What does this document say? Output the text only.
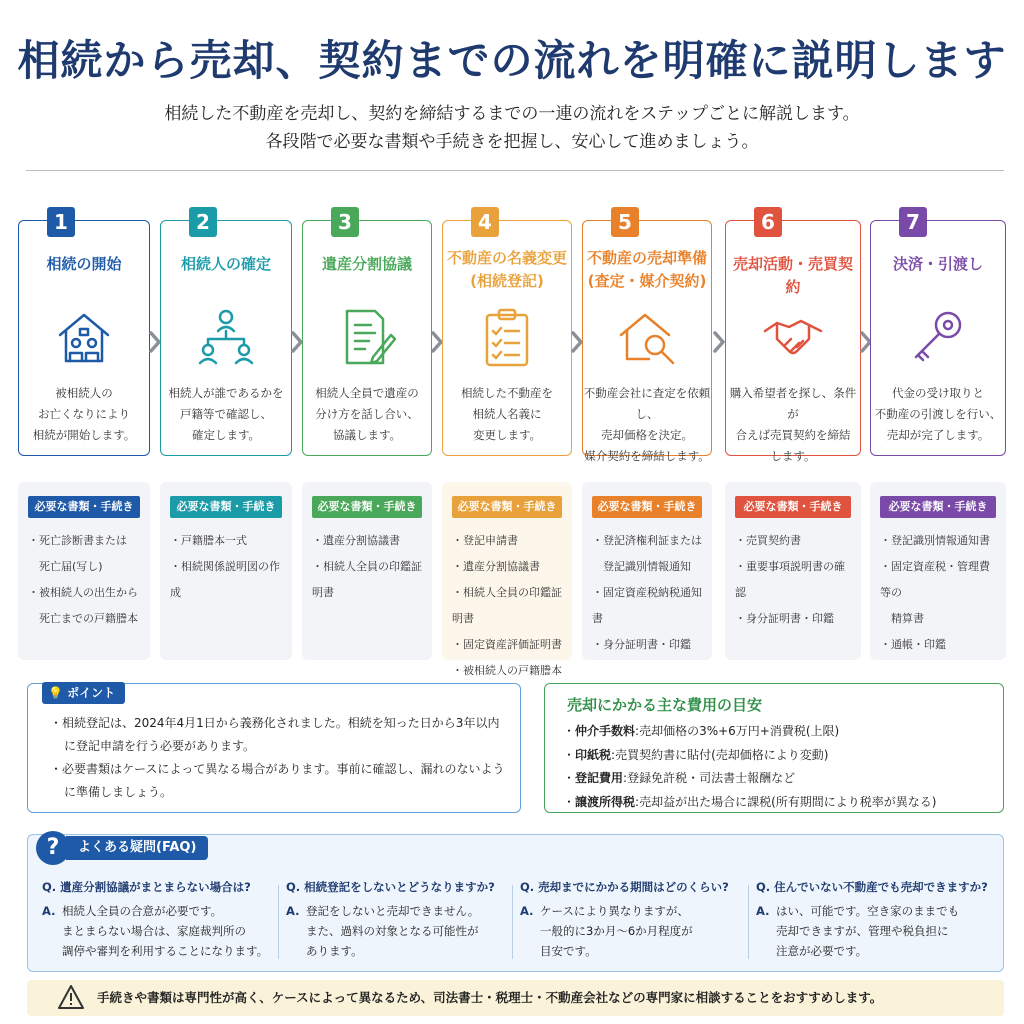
相続から売却、契約までの流れを明確に説明します
相続した不動産を売却し、契約を締結するまでの一連の流れをステップごとに解説します。
各段階で必要な書類や手続きを把握し、安心して進めましょう。
1
相続の開始
被相続人の
お亡くなりにより
相続が開始します。
2
相続人の確定
相続人が誰であるかを
戸籍等で確認し、
確定します。
3
遺産分割協議
相続人全員で遺産の
分け方を話し合い、
協議します。
4
不動産の名義変更
(相続登記)
相続した不動産を
相続人名義に
変更します。
5
不動産の売却準備
(査定・媒介契約)
不動産会社に査定を依頼し、
売却価格を決定。
媒介契約を締結します。
6
売却活動・売買契約
購入希望者を探し、条件が
合えば売買契約を締結
します。
7
決済・引渡し
代金の受け取りと
不動産の引渡しを行い、
売却が完了します。
必要な書類・手続き
・死亡診断書または
　死亡届(写し)
・被相続人の出生から
　死亡までの戸籍謄本
必要な書類・手続き
・戸籍謄本一式
・相続関係説明図の作成
必要な書類・手続き
・遺産分割協議書
・相続人全員の印鑑証明書
必要な書類・手続き
・登記申請書
・遺産分割協議書
・相続人全員の印鑑証明書
・固定資産評価証明書
・被相続人の戸籍謄本
必要な書類・手続き
・登記済権利証または
　登記識別情報通知
・固定資産税納税通知書
・身分証明書・印鑑
必要な書類・手続き
・売買契約書
・重要事項説明書の確認
・身分証明書・印鑑
必要な書類・手続き
・登記識別情報通知書
・固定資産税・管理費等の
　精算書
・通帳・印鑑
💡 ポイント
・相続登記は、2024年4月1日から義務化されました。相続を知った日から3年以内に登記申請を行う必要があります。
・必要書類はケースによって異なる場合があります。事前に確認し、漏れのないように準備しましょう。
売却にかかる主な費用の目安
・仲介手数料:売却価格の3%+6万円+消費税(上限)
・印紙税:売買契約書に貼付(売却価格により変動)
・登記費用:登録免許税・司法書士報酬など
・譲渡所得税:売却益が出た場合に課税(所有期間により税率が異なる)
よくある疑問(FAQ)
?
Q. 遺産分割協議がまとまらない場合は?
A. 相続人全員の合意が必要です。
まとまらない場合は、家庭裁判所の
調停や審判を利用することになります。
Q. 相続登記をしないとどうなりますか?
A. 登記をしないと売却できません。
また、過料の対象となる可能性が
あります。
Q. 売却までにかかる期間はどのくらい?
A. ケースにより異なりますが、
一般的に3か月〜6か月程度が
目安です。
Q. 住んでいない不動産でも売却できますか?
A. はい、可能です。空き家のままでも
売却できますが、管理や税負担に
注意が必要です。
手続きや書類は専門性が高く、ケースによって異なるため、司法書士・税理士・不動産会社などの専門家に相談することをおすすめします。
